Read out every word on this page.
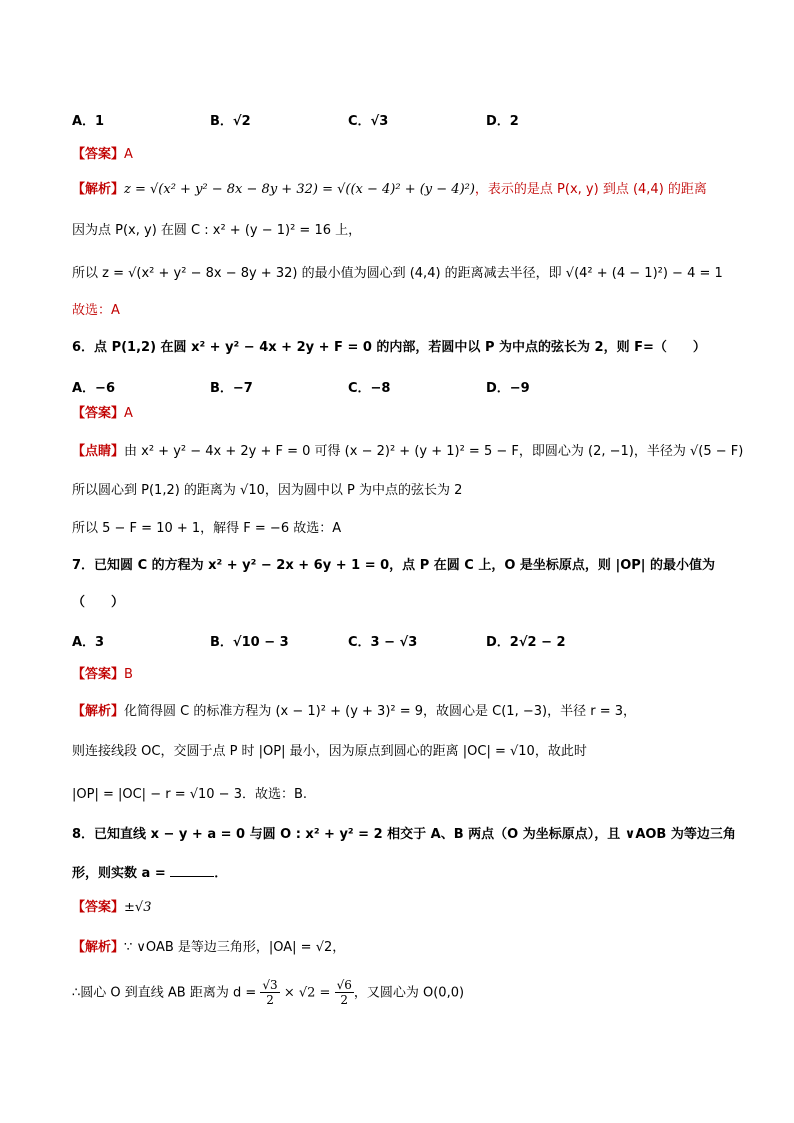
A．1	B．√2	C．√3	D．2
【答案】A
【解析】z = √(x² + y² − 8x − 8y + 32) = √((x − 4)² + (y − 4)²)，表示的是点 P(x, y) 到点 (4,4) 的距离
因为点 P(x, y) 在圆 C : x² + (y − 1)² = 16 上，
所以 z = √(x² + y² − 8x − 8y + 32) 的最小值为圆心到 (4,4) 的距离减去半径，即 √(4² + (4 − 1)²) − 4 = 1
故选：A
6．点 P(1,2) 在圆 x² + y² − 4x + 2y + F = 0 的内部，若圆中以 P 为中点的弦长为 2，则 F=（　　）
A．−6	B．−7	C．−8	D．−9
【答案】A
【点睛】由 x² + y² − 4x + 2y + F = 0 可得 (x − 2)² + (y + 1)² = 5 − F，即圆心为 (2, −1)，半径为 √(5 − F)
所以圆心到 P(1,2) 的距离为 √10，因为圆中以 P 为中点的弦长为 2
所以 5 − F = 10 + 1，解得 F = −6 故选：A
7．已知圆 C 的方程为 x² + y² − 2x + 6y + 1 = 0，点 P 在圆 C 上，O 是坐标原点，则 |OP| 的最小值为
（　　）
A．3	B．√10 − 3	C．3 − √3	D．2√2 − 2
【答案】B
【解析】化简得圆 C 的标准方程为 (x − 1)² + (y + 3)² = 9，故圆心是 C(1, −3)，半径 r = 3，
则连接线段 OC，交圆于点 P 时 |OP| 最小，因为原点到圆心的距离 |OC| = √10，故此时
|OP| = |OC| − r = √10 − 3．故选：B.
8．已知直线 x − y + a = 0 与圆 O : x² + y² = 2 相交于 A、B 两点（O 为坐标原点），且 ∨AOB 为等边三角
形，则实数 a =	．
【答案】±√3
【解析】∵ ∨OAB 是等边三角形，|OA| = √2，
∴圆心 O 到直线 AB 距离为 $d = \frac{√3}{2} \times √2 = \frac{√6}{2}$ ，又圆心为 O(0,0)
